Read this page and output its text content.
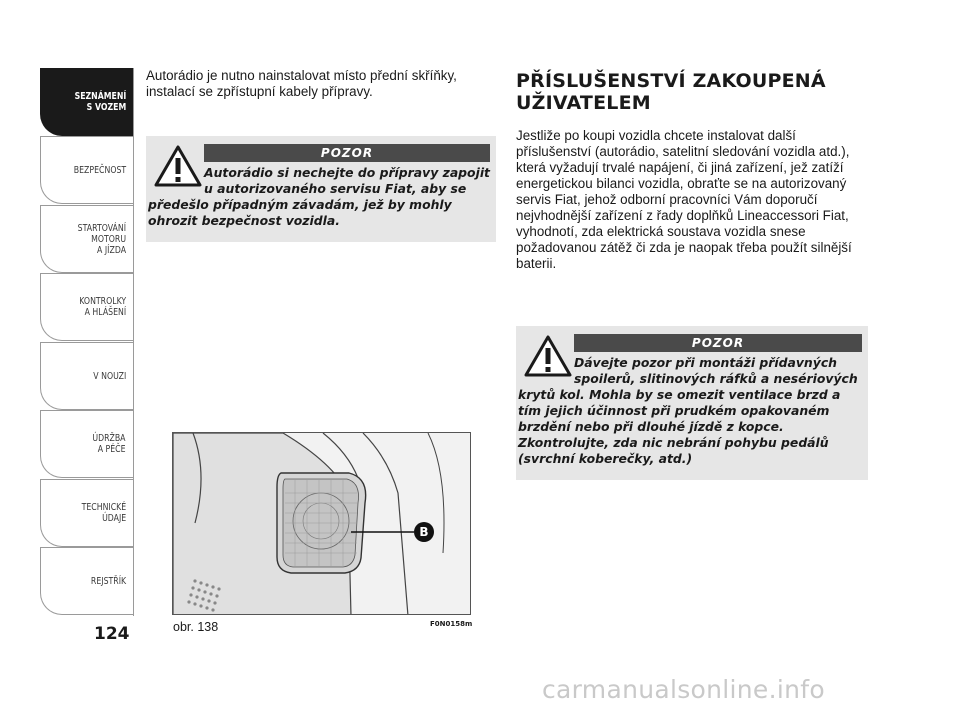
SEZNÁMENÍ
S VOZEM
BEZPEČNOST
STARTOVÁNÍ
MOTORU
A JÍZDA
KONTROLKY
A HLÁŠENÍ
V NOUZI
ÚDRŽBA
A PÉČE
TECHNICKÉ
ÚDAJE
REJSTŘÍK
124

Autorádio je nutno nainstalovat místo přední skříňky, instalací se zpřístupní kabely přípravy.

POZOR
Autorádio si nechejte do přípravy zapojit u autorizovaného servisu Fiat, aby se předešlo případným závadám, jež by mohly ohrozit bezpečnost vozidla.
B
obr. 138	F0N0158m
PŘÍSLUŠENSTVÍ ZAKOUPENÁ UŽIVATELEM

Jestliže po koupi vozidla chcete instalovat další příslušenství (autorádio, satelitní sledování vozidla atd.), která vyžadují trvalé napájení, či jiná zařízení, jež zatíží energetickou bilanci vozidla, obraťte se na autorizovaný servis Fiat, jehož odborní pracovníci Vám doporučí nejvhodnější zařízení z řady doplňků Lineaccessori Fiat, vyhodnotí, zda elektrická soustava vozidla snese požadovanou zátěž či zda je naopak třeba použít silnější baterii.

POZOR
Dávejte pozor při montáži přídavných spoilerů, slitinových ráfků a nesériových krytů kol. Mohla by se omezit ventilace brzd a tím jejich účinnost při prudkém opakovaném brzdění nebo při dlouhé jízdě z kopce. Zkontrolujte, zda nic nebrání pohybu pedálů (svrchní koberečky, atd.)
carmanualsonline.info
